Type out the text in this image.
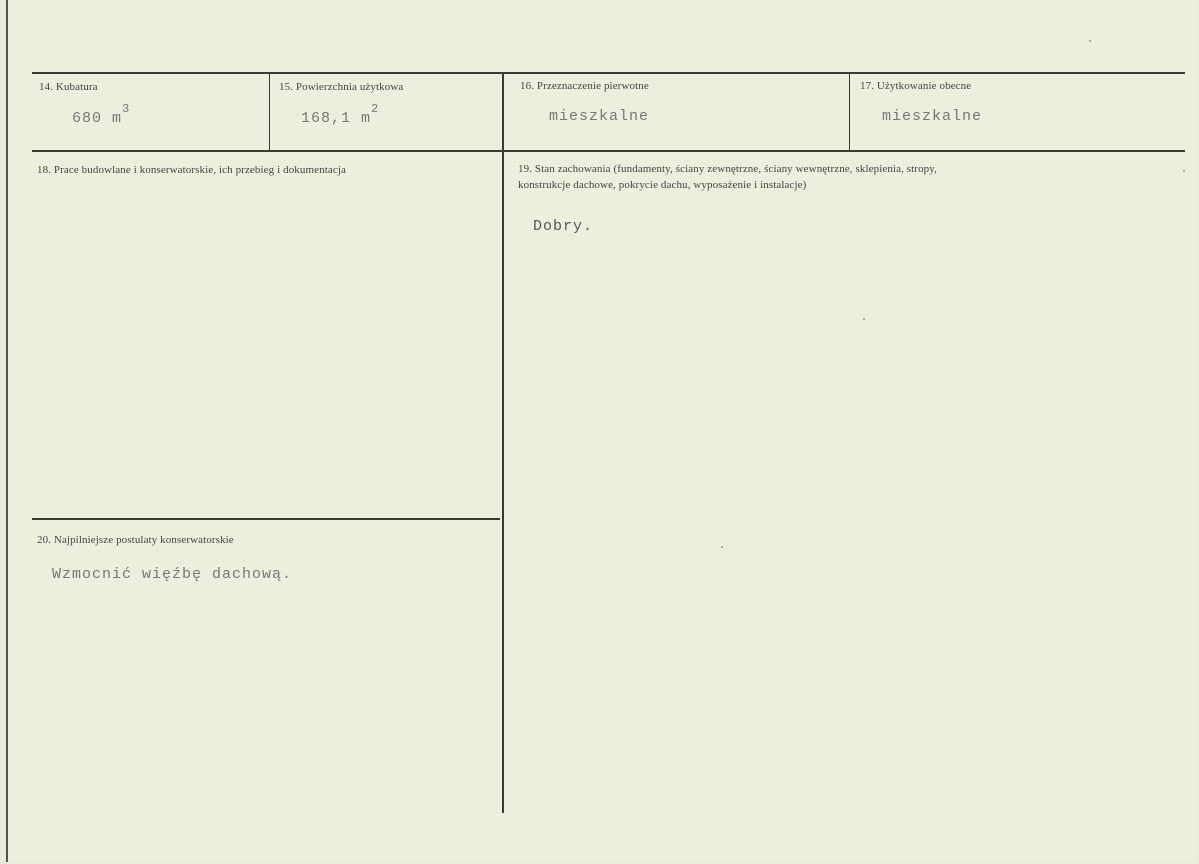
14. Kubatura
680 $m^3$
15. Powierzchnia użytkowa
168,1 $m^2$
16. Przeznaczenie pierwotne
mieszkalne
17. Użytkowanie obecne
mieszkalne
18. Prace budowlane i konserwatorskie, ich przebieg i dokumentacja	19. Stan zachowania (fundamenty, ściany zewnętrzne, ściany wewnętrzne, sklepienia, stropy,
konstrukcje dachowe, pokrycie dachu, wyposażenie i instalacje)
Dobry.
20. Najpilniejsze postulaty konserwatorskie
Wzmocnić więźbę dachową.
